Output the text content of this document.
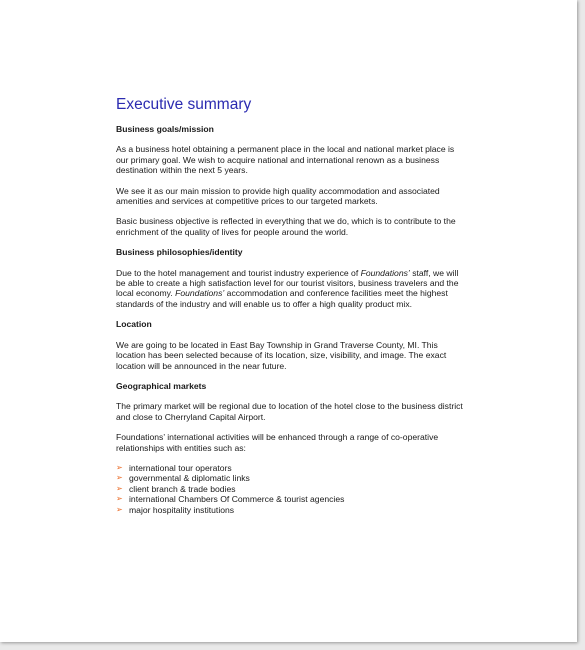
Executive summary
Business goals/mission
As a business hotel obtaining a permanent place in the local and national market place is our primary goal. We wish to acquire national and international renown as a business destination within the next 5 years.
We see it as our main mission to provide high quality accommodation and associated amenities and services at competitive prices to our targeted markets.
Basic business objective is reflected in everything that we do, which is to contribute to the enrichment of the quality of lives for people around the world.
Business philosophies/identity
Due to the hotel management and tourist industry experience of Foundations’ staff, we will be able to create a high satisfaction level for our tourist visitors, business travelers and the local economy. Foundations’ accommodation and conference facilities meet the highest standards of the industry and will enable us to offer a high quality product mix.
Location
We are going to be located in East Bay Township in Grand Traverse County, MI. This location has been selected because of its location, size, visibility, and image. The exact location will be announced in the near future.
Geographical markets
The primary market will be regional due to location of the hotel close to the business district and close to Cherryland Capital Airport.
Foundations’ international activities will be enhanced through a range of co-operative relationships with entities such as:
➢ international tour operators
➢ governmental & diplomatic links
➢ client branch & trade bodies
➢ international Chambers Of Commerce & tourist agencies
➢ major hospitality institutions
